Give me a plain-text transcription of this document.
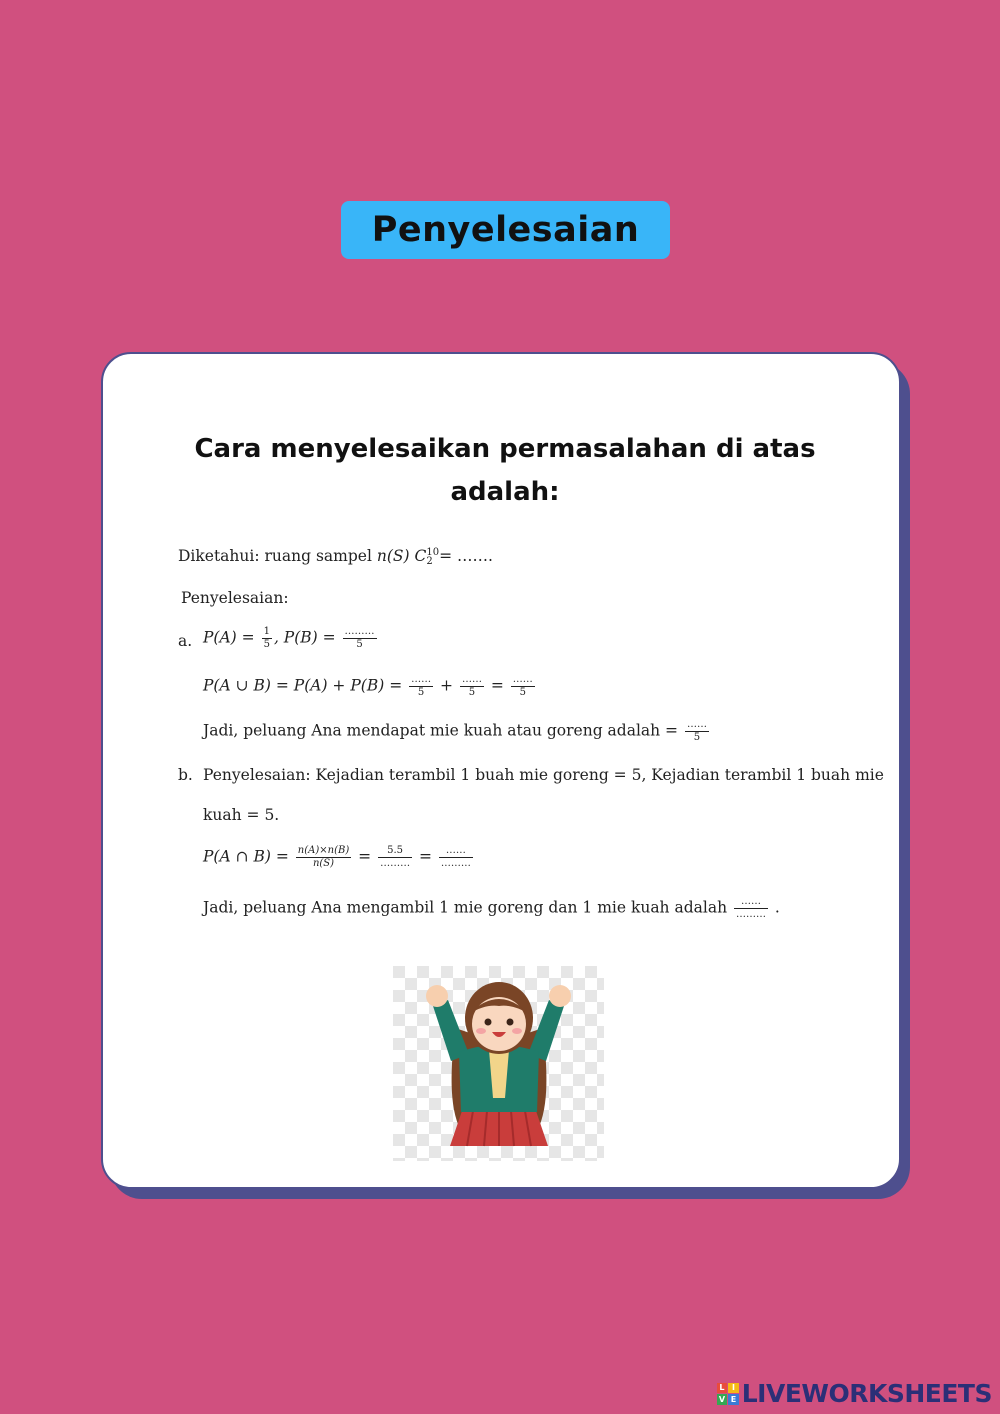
Penyelesaian
Cara menyelesaikan permasalahan di atas adalah:
Diketahui: ruang sampel n(S) C 10
2 = …….
Penyelesaian:
a. $P(A) = \frac{1}{5}$ , $P(B) = \frac{\dots\dots\dots}{5}$
P(A ∪ $B) = P(A) + P(B) = \frac{\dots\dots}{5} + \frac{\dots\dots}{5} = \frac{\dots\dots}{5}$
Jadi, peluang Ana mendapat mie kuah atau goreng adalah = $\frac{\dots\dots}{5}$
b. Penyelesaian: Kejadian terambil 1 buah mie goreng = 5, Kejadian terambil 1 buah mie
kuah = 5.
P(A ∩ $B) = \frac{n(A)\times n(B)}{n(S)} = \frac{5.5}{\dots\dots\dots} = \frac{\dots\dots}{\dots\dots\dots}$
Jadi, peluang Ana mengambil 1 mie goreng dan 1 mie kuah adalah $\frac{\dots\dots}{\dots\dots\dots}$ .
L I
V E LIVEWORKSHEETS
